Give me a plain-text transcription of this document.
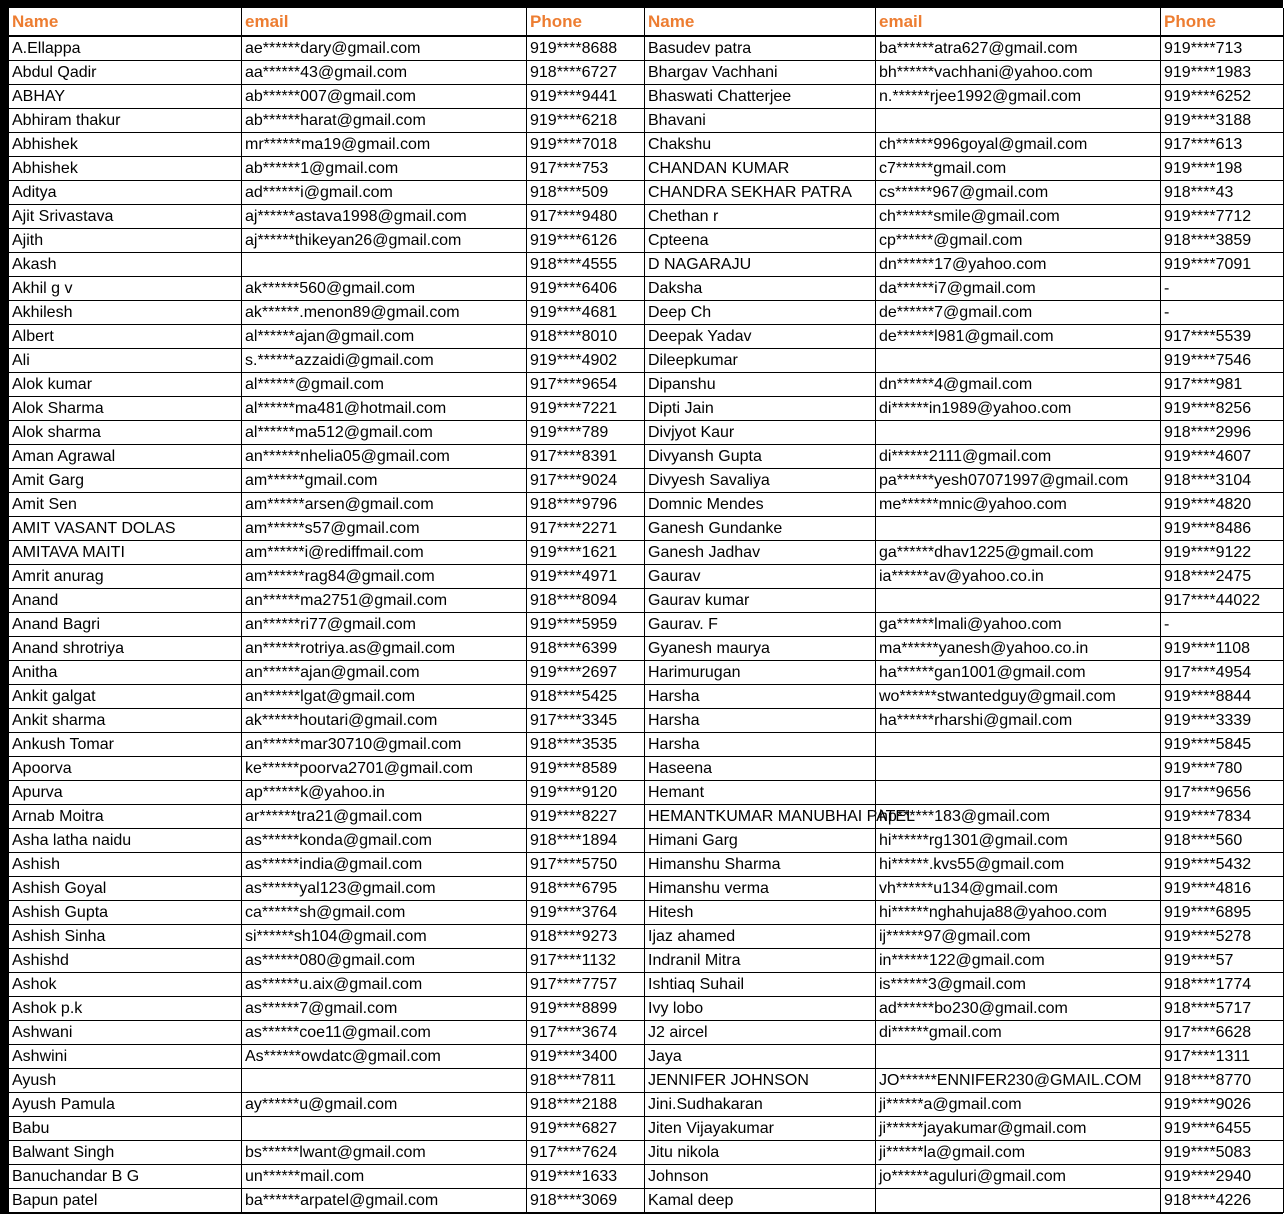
Name	email	Phone	Name	email	Phone
A.Ellappa	ae******dary@gmail.com	919****8688	Basudev patra	ba******atra627@gmail.com	919****713
Abdul Qadir	aa******43@gmail.com	918****6727	Bhargav Vachhani	bh******vachhani@yahoo.com	919****1983
ABHAY	ab******007@gmail.com	919****9441	Bhaswati Chatterjee	n.******rjee1992@gmail.com	919****6252
Abhiram thakur	ab******harat@gmail.com	919****6218	Bhavani		919****3188
Abhishek	mr******ma19@gmail.com	919****7018	Chakshu	ch******996goyal@gmail.com	917****613
Abhishek	ab******1@gmail.com	917****753	CHANDAN KUMAR	c7******gmail.com	919****198
Aditya	ad******i@gmail.com	918****509	CHANDRA SEKHAR PATRA	cs******967@gmail.com	918****43
Ajit Srivastava	aj******astava1998@gmail.com	917****9480	Chethan r	ch******smile@gmail.com	919****7712
Ajith	aj******thikeyan26@gmail.com	919****6126	Cpteena	cp******@gmail.com	918****3859
Akash		918****4555	D NAGARAJU	dn******17@yahoo.com	919****7091
Akhil g v	ak******560@gmail.com	919****6406	Daksha	da******i7@gmail.com	-
Akhilesh	ak******.menon89@gmail.com	919****4681	Deep Ch	de******7@gmail.com	-
Albert	al******ajan@gmail.com	918****8010	Deepak Yadav	de******l981@gmail.com	917****5539
Ali	s.******azzaidi@gmail.com	919****4902	Dileepkumar		919****7546
Alok kumar	al******@gmail.com	917****9654	Dipanshu	dn******4@gmail.com	917****981
Alok Sharma	al******ma481@hotmail.com	919****7221	Dipti Jain	di******in1989@yahoo.com	919****8256
Alok sharma	al******ma512@gmail.com	919****789	Divjyot Kaur		918****2996
Aman Agrawal	an******nhelia05@gmail.com	917****8391	Divyansh Gupta	di******2111@gmail.com	919****4607
Amit Garg	am******gmail.com	917****9024	Divyesh Savaliya	pa******yesh07071997@gmail.com	918****3104
Amit Sen	am******arsen@gmail.com	918****9796	Domnic Mendes	me******mnic@yahoo.com	919****4820
AMIT VASANT DOLAS	am******s57@gmail.com	917****2271	Ganesh Gundanke		919****8486
AMITAVA MAITI	am******i@rediffmail.com	919****1621	Ganesh Jadhav	ga******dhav1225@gmail.com	919****9122
Amrit anurag	am******rag84@gmail.com	919****4971	Gaurav	ia******av@yahoo.co.in	918****2475
Anand	an******ma2751@gmail.com	918****8094	Gaurav kumar		917****44022
Anand Bagri	an******ri77@gmail.com	919****5959	Gaurav. F	ga******lmali@yahoo.com	-
Anand shrotriya	an******rotriya.as@gmail.com	918****6399	Gyanesh maurya	ma******yanesh@yahoo.co.in	919****1108
Anitha	an******ajan@gmail.com	919****2697	Harimurugan	ha******gan1001@gmail.com	917****4954
Ankit galgat	an******lgat@gmail.com	918****5425	Harsha	wo******stwantedguy@gmail.com	919****8844
Ankit sharma	ak******houtari@gmail.com	917****3345	Harsha	ha******rharshi@gmail.com	919****3339
Ankush Tomar	an******mar30710@gmail.com	918****3535	Harsha		919****5845
Apoorva	ke******poorva2701@gmail.com	919****8589	Haseena		919****780
Apurva	ap******k@yahoo.in	919****9120	Hemant		917****9656
Arnab Moitra	ar******tra21@gmail.com	919****8227	HEMANTKUMAR MANUBHAI PATEL	hp******183@gmail.com	919****7834
Asha latha naidu	as******konda@gmail.com	918****1894	Himani Garg	hi******rg1301@gmail.com	918****560
Ashish	as******india@gmail.com	917****5750	Himanshu Sharma	hi******.kvs55@gmail.com	919****5432
Ashish Goyal	as******yal123@gmail.com	918****6795	Himanshu verma	vh******u134@gmail.com	919****4816
Ashish Gupta	ca******sh@gmail.com	919****3764	Hitesh	hi******nghahuja88@yahoo.com	919****6895
Ashish Sinha	si******sh104@gmail.com	918****9273	Ijaz ahamed	ij******97@gmail.com	919****5278
Ashishd	as******080@gmail.com	917****1132	Indranil Mitra	in******122@gmail.com	919****57
Ashok	as******u.aix@gmail.com	917****7757	Ishtiaq Suhail	is******3@gmail.com	918****1774
Ashok p.k	as******7@gmail.com	919****8899	Ivy lobo	ad******bo230@gmail.com	918****5717
Ashwani	as******coe11@gmail.com	917****3674	J2 aircel	di******gmail.com	917****6628
Ashwini	As******owdatc@gmail.com	919****3400	Jaya		917****1311
Ayush		918****7811	JENNIFER JOHNSON	JO******ENNIFER230@GMAIL.COM	918****8770
Ayush Pamula	ay******u@gmail.com	918****2188	Jini.Sudhakaran	ji******a@gmail.com	919****9026
Babu		919****6827	Jiten Vijayakumar	ji******jayakumar@gmail.com	919****6455
Balwant Singh	bs******lwant@gmail.com	917****7624	Jitu nikola	ji******la@gmail.com	919****5083
Banuchandar B G	un******mail.com	919****1633	Johnson	jo******aguluri@gmail.com	919****2940
Bapun patel	ba******arpatel@gmail.com	918****3069	Kamal deep		918****4226
